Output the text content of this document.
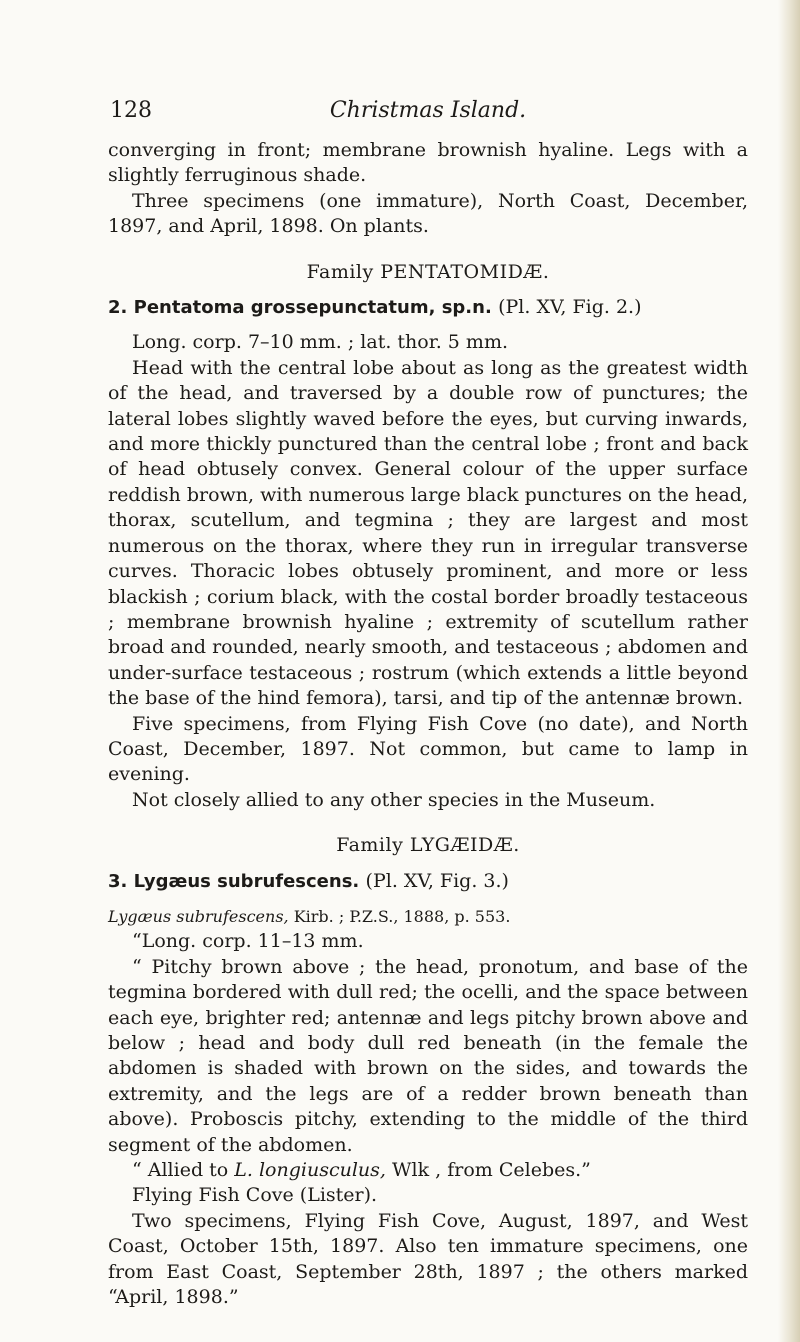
128	Christmas Island.

converging in front; membrane brownish hyaline. Legs with a slightly ferruginous shade.

Three specimens (one immature), North Coast, December, 1897, and April, 1898. On plants.

Family PENTATOMIDÆ.
2. Pentatoma grossepunctatum, sp.n. (Pl. XV, Fig. 2.)

Long. corp. 7–10 mm. ; lat. thor. 5 mm.

Head with the central lobe about as long as the greatest width of the head, and traversed by a double row of punctures; the lateral lobes slightly waved before the eyes, but curving inwards, and more thickly punctured than the central lobe ; front and back of head obtusely convex. General colour of the upper surface reddish brown, with numerous large black punctures on the head, thorax, scutellum, and tegmina ; they are largest and most numerous on the thorax, where they run in irregular transverse curves. Thoracic lobes obtusely prominent, and more or less blackish ; corium black, with the costal border broadly testaceous ; membrane brownish hyaline ; extremity of scutellum rather broad and rounded, nearly smooth, and testaceous ; abdomen and under-surface testaceous ; rostrum (which extends a little beyond the base of the hind femora), tarsi, and tip of the antennæ brown.

Five specimens, from Flying Fish Cove (no date), and North Coast, December, 1897. Not common, but came to lamp in evening.

Not closely allied to any other species in the Museum.

Family LYGÆIDÆ.
3. Lygæus subrufescens. (Pl. XV, Fig. 3.)

Lygæus subrufescens, Kirb. ; P.Z.S., 1888, p. 553.

“Long. corp. 11–13 mm.

“ Pitchy brown above ; the head, pronotum, and base of the tegmina bordered with dull red; the ocelli, and the space between each eye, brighter red; antennæ and legs pitchy brown above and below ; head and body dull red beneath (in the female the abdomen is shaded with brown on the sides, and towards the extremity, and the legs are of a redder brown beneath than above). Proboscis pitchy, extending to the middle of the third segment of the abdomen.

“ Allied to L. longiusculus, Wlk , from Celebes.”

Flying Fish Cove (Lister).

Two specimens, Flying Fish Cove, August, 1897, and West Coast, October 15th, 1897. Also ten immature specimens, one from East Coast, September 28th, 1897 ; the others marked “April, 1898.”
